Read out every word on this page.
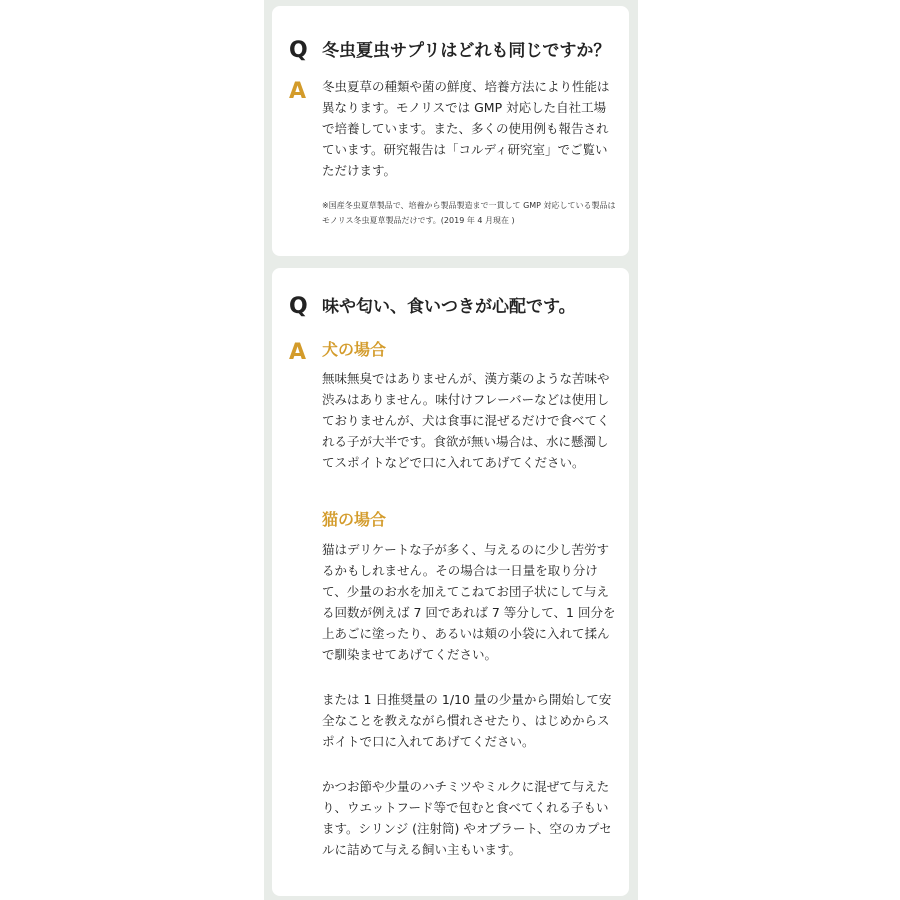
Q 冬虫夏虫サプリはどれも同じですか？
A 冬虫夏草の種類や菌の鮮度、培養方法により性能は異なります。モノリスでは GMP 対応した自社工場で培養しています。また、多くの使用例も報告されています。研究報告は「コルディ研究室」でご覧いただけます。

※国産冬虫夏草製品で、培養から製品製造まで一貫して GMP 対応している製品はモノリス冬虫夏草製品だけです。(2019 年 4 月現在 )

Q 味や匂い、食いつきが心配です。
A 犬の場合

無味無臭ではありませんが、漢方薬のような苦味や渋みはありません。味付けフレーバーなどは使用しておりませんが、犬は食事に混ぜるだけで食べてくれる子が大半です。食欲が無い場合は、水に懸濁してスポイトなどで口に入れてあげてください。

猫の場合

猫はデリケートな子が多く、与えるのに少し苦労するかもしれません。その場合は一日量を取り分けて、少量のお水を加えてこねてお団子状にして与える回数が例えば 7 回であれば 7 等分して、1 回分を上あごに塗ったり、あるいは頬の小袋に入れて揉んで馴染ませてあげてください。

または 1 日推奨量の 1/10 量の少量から開始して安全なことを教えながら慣れさせたり、はじめからスポイトで口に入れてあげてください。

かつお節や少量のハチミツやミルクに混ぜて与えたり、ウエットフード等で包むと食べてくれる子もいます。シリンジ (注射筒) やオブラート、空のカプセルに詰めて与える飼い主もいます。
